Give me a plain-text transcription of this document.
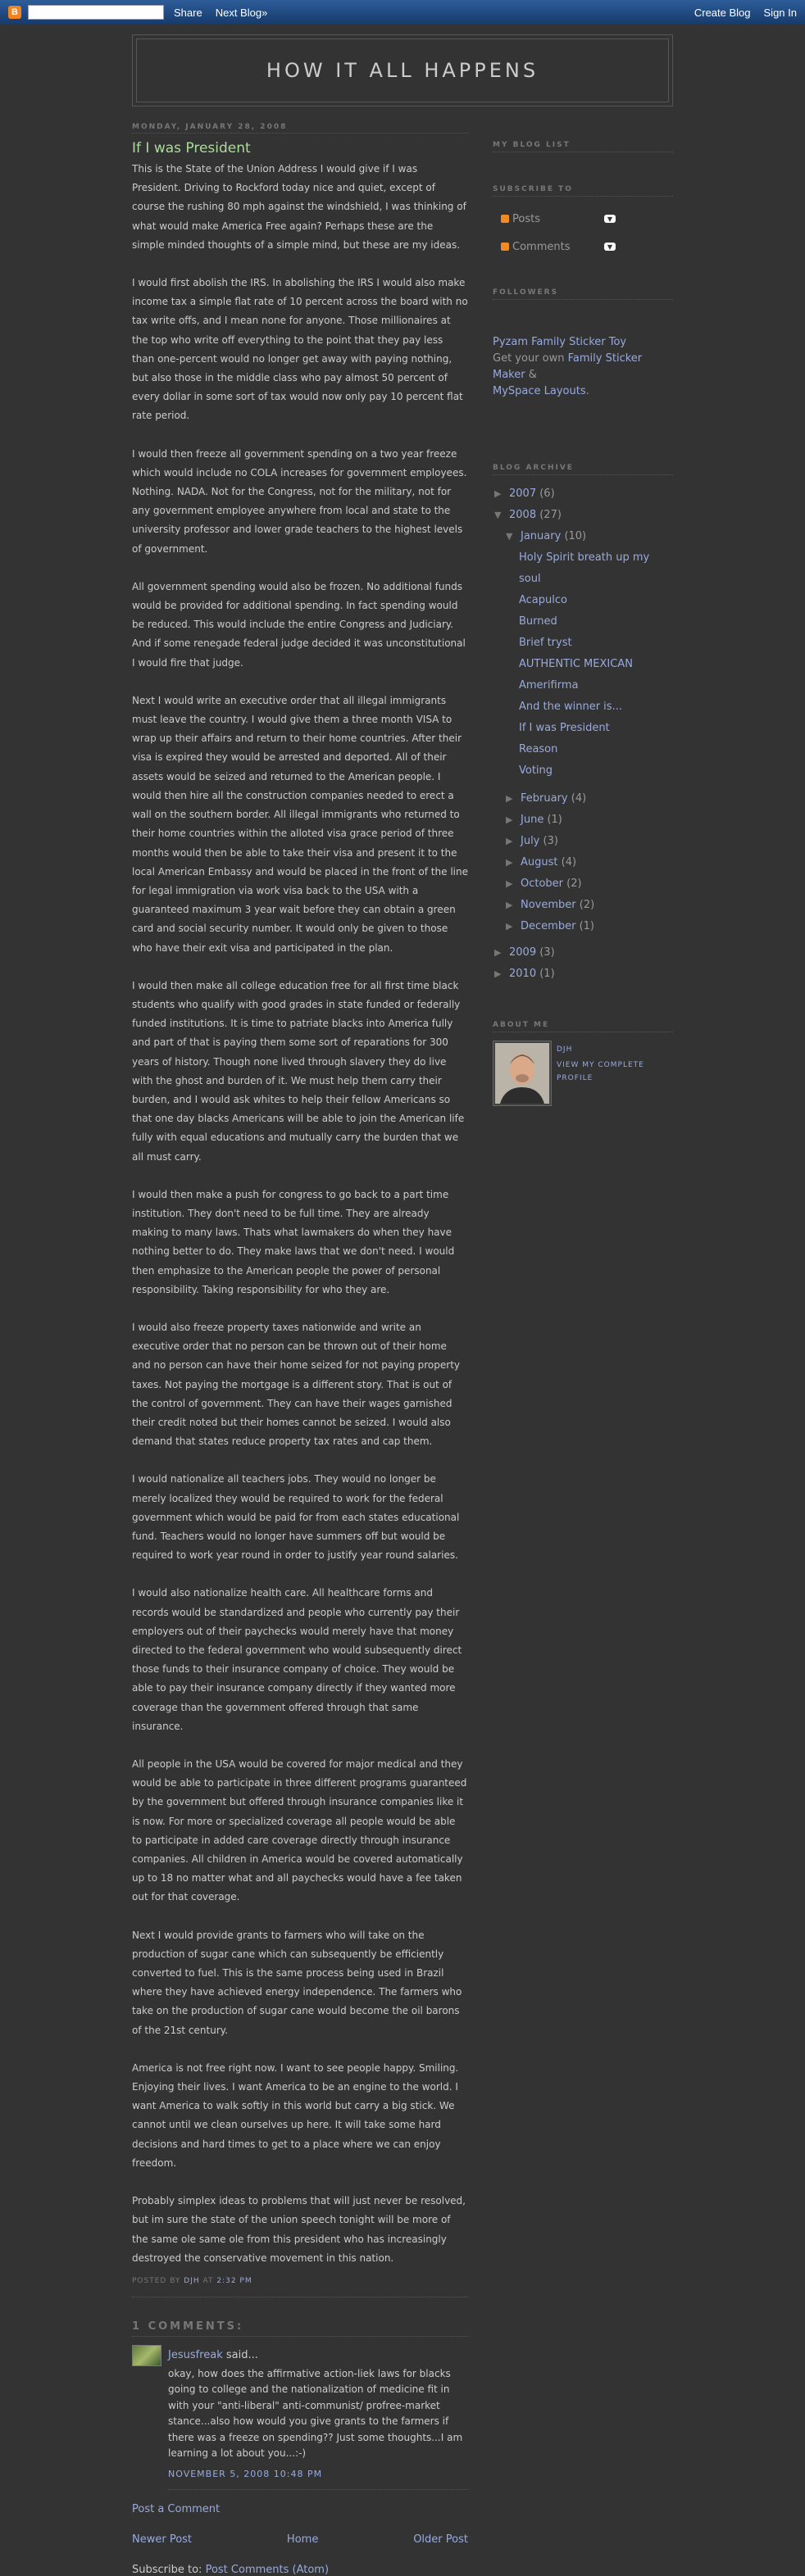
B	Share Next Blog»	Create Blog Sign In
HOW IT ALL HAPPENS
MONDAY, JANUARY 28, 2008
If I was President

This is the State of the Union Address I would give if I was President. Driving to Rockford today nice and quiet, except of course the rushing 80 mph against the windshield, I was thinking of what would make America Free again? Perhaps these are the simple minded thoughts of a simple mind, but these are my ideas.

I would first abolish the IRS. In abolishing the IRS I would also make income tax a simple flat rate of 10 percent across the board with no tax write offs, and I mean none for anyone. Those millionaires at the top who write off everything to the point that they pay less than one-percent would no longer get away with paying nothing, but also those in the middle class who pay almost 50 percent of every dollar in some sort of tax would now only pay 10 percent flat rate period.

I would then freeze all government spending on a two year freeze which would include no COLA increases for government employees. Nothing. NADA. Not for the Congress, not for the military, not for any government employee anywhere from local and state to the university professor and lower grade teachers to the highest levels of government.

All government spending would also be frozen. No additional funds would be provided for additional spending. In fact spending would be reduced. This would include the entire Congress and Judiciary. And if some renegade federal judge decided it was unconstitutional I would fire that judge.

Next I would write an executive order that all illegal immigrants must leave the country. I would give them a three month VISA to wrap up their affairs and return to their home countries. After their visa is expired they would be arrested and deported. All of their assets would be seized and returned to the American people. I would then hire all the construction companies needed to erect a wall on the southern border. All illegal immigrants who returned to their home countries within the alloted visa grace period of three months would then be able to take their visa and present it to the local American Embassy and would be placed in the front of the line for legal immigration via work visa back to the USA with a guaranteed maximum 3 year wait before they can obtain a green card and social security number. It would only be given to those who have their exit visa and participated in the plan.

I would then make all college education free for all first time black students who qualify with good grades in state funded or federally funded institutions. It is time to patriate blacks into America fully and part of that is paying them some sort of reparations for 300 years of history. Though none lived through slavery they do live with the ghost and burden of it. We must help them carry their burden, and I would ask whites to help their fellow Americans so that one day blacks Americans will be able to join the American life fully with equal educations and mutually carry the burden that we all must carry.

I would then make a push for congress to go back to a part time institution. They don't need to be full time. They are already making to many laws. Thats what lawmakers do when they have nothing better to do. They make laws that we don't need. I would then emphasize to the American people the power of personal responsibility. Taking responsibility for who they are.

I would also freeze property taxes nationwide and write an executive order that no person can be thrown out of their home and no person can have their home seized for not paying property taxes. Not paying the mortgage is a different story. That is out of the control of government. They can have their wages garnished their credit noted but their homes cannot be seized. I would also demand that states reduce property tax rates and cap them.

I would nationalize all teachers jobs. They would no longer be merely localized they would be required to work for the federal government which would be paid for from each states educational fund. Teachers would no longer have summers off but would be required to work year round in order to justify year round salaries.

I would also nationalize health care. All healthcare forms and records would be standardized and people who currently pay their employers out of their paychecks would merely have that money directed to the federal government who would subsequently direct those funds to their insurance company of choice. They would be able to pay their insurance company directly if they wanted more coverage than the government offered through that same insurance.

All people in the USA would be covered for major medical and they would be able to participate in three different programs guaranteed by the government but offered through insurance companies like it is now. For more or specialized coverage all people would be able to participate in added care coverage directly through insurance companies. All children in America would be covered automatically up to 18 no matter what and all paychecks would have a fee taken out for that coverage.

Next I would provide grants to farmers who will take on the production of sugar cane which can subsequently be efficiently converted to fuel. This is the same process being used in Brazil where they have achieved energy independence. The farmers who take on the production of sugar cane would become the oil barons of the 21st century.

America is not free right now. I want to see people happy. Smiling. Enjoying their lives. I want America to be an engine to the world. I want America to walk softly in this world but carry a big stick. We cannot until we clean ourselves up here. It will take some hard decisions and hard times to get to a place where we can enjoy freedom.

Probably simplex ideas to problems that will just never be resolved, but im sure the state of the union speech tonight will be more of the same ole same ole from this president who has increasingly destroyed the conservative movement in this nation.

POSTED BY DJH AT 2:32 PM
1 COMMENTS:
Jesusfreak said...
okay, how does the affirmative action-liek laws for blacks going to college and the nationalization of medicine fit in with your "anti-liberal" anti-communist/ profree-market stance...also how would you give grants to the farmers if there was a freeze on spending?? Just some thoughts...I am learning a lot about you...:-)
NOVEMBER 5, 2008 10:48 PM
Post a Comment
Newer Post	Home	Older Post
Subscribe to: Post Comments (Atom)
MY BLOG LIST
SUBSCRIBE TO
Posts	▼
Comments	▼
FOLLOWERS
Pyzam Family Sticker Toy
Get your own Family Sticker Maker &
MySpace Layouts.
BLOG ARCHIVE
▶ 2007 (6)
▼ 2008 (27)
▼ January (10)
Holy Spirit breath up my soul
Acapulco
Burned
Brief tryst
AUTHENTIC MEXICAN
Amerifirma
And the winner is...
If I was President
Reason
Voting
▶ February (4)
▶ June (1)
▶ July (3)
▶ August (4)
▶ October (2)
▶ November (2)
▶ December (1)
▶ 2009 (3)
▶ 2010 (1)
ABOUT ME
DJH
VIEW MY COMPLETE PROFILE
